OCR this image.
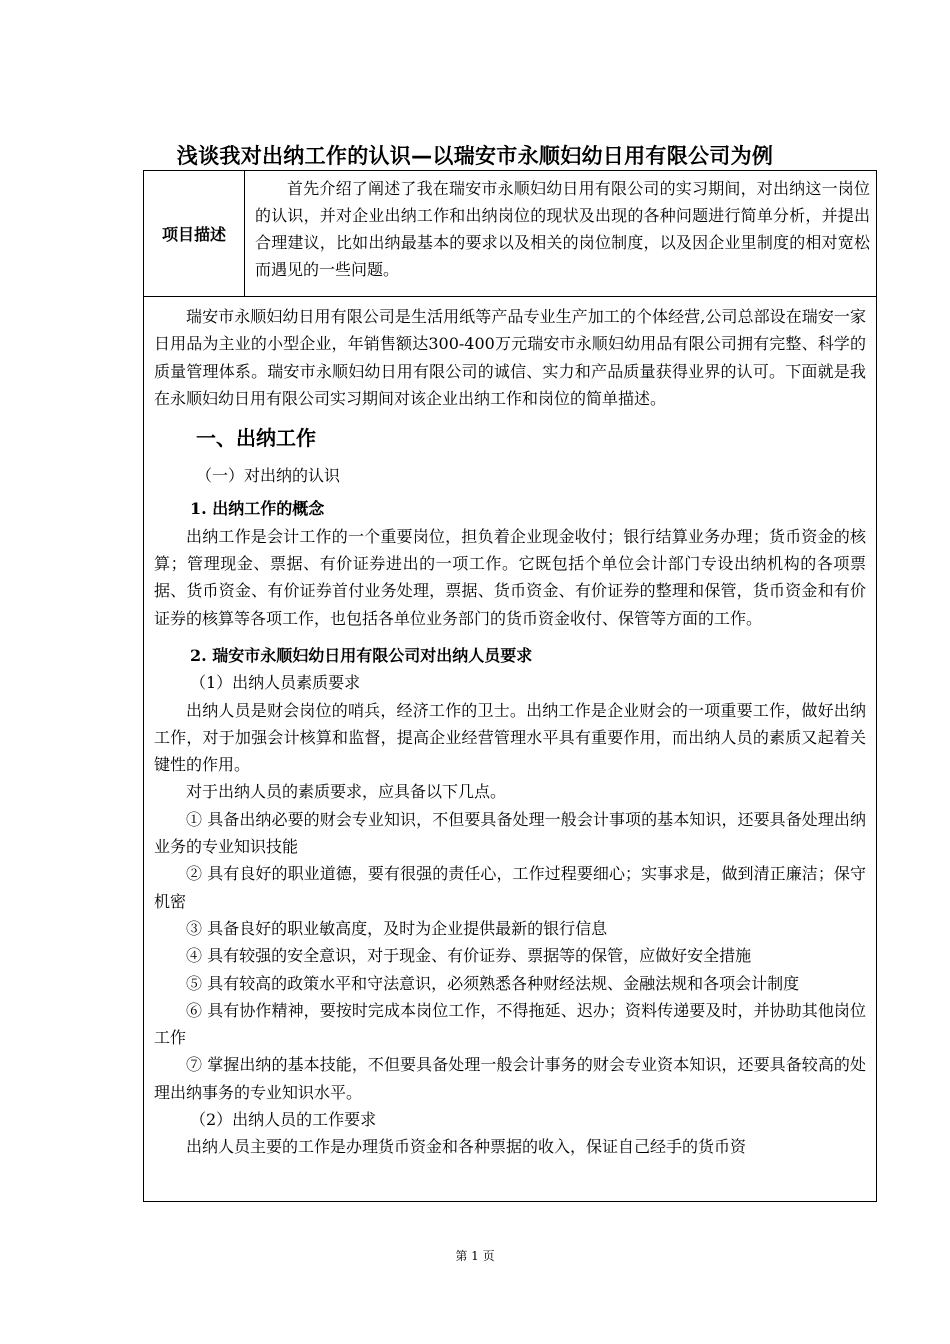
浅谈我对出纳工作的认识—以瑞安市永顺妇幼日用有限公司为例
项目描述

首先介绍了阐述了我在瑞安市永顺妇幼日用有限公司的实习期间，对出纳这一岗位的认识，并对企业出纳工作和出纳岗位的现状及出现的各种问题进行简单分析，并提出合理建议，比如出纳最基本的要求以及相关的岗位制度，以及因企业里制度的相对宽松而遇见的一些问题。

瑞安市永顺妇幼日用有限公司是生活用纸等产品专业生产加工的个体经营,公司总部设在瑞安一家日用品为主业的小型企业，年销售额达300-400万元瑞安市永顺妇幼用品有限公司拥有完整、科学的质量管理体系。瑞安市永顺妇幼日用有限公司的诚信、实力和产品质量获得业界的认可。下面就是我在永顺妇幼日用有限公司实习期间对该企业出纳工作和岗位的简单描述。

一、出纳工作

（一）对出纳的认识

1. 出纳工作的概念

出纳工作是会计工作的一个重要岗位，担负着企业现金收付；银行结算业务办理；货币资金的核算；管理现金、票据、有价证券进出的一项工作。它既包括个单位会计部门专设出纳机构的各项票据、货币资金、有价证券首付业务处理，票据、货币资金、有价证券的整理和保管，货币资金和有价证券的核算等各项工作，也包括各单位业务部门的货币资金收付、保管等方面的工作。

2. 瑞安市永顺妇幼日用有限公司对出纳人员要求

（1）出纳人员素质要求

出纳人员是财会岗位的哨兵，经济工作的卫士。出纳工作是企业财会的一项重要工作，做好出纳工作，对于加强会计核算和监督，提高企业经营管理水平具有重要作用，而出纳人员的素质又起着关键性的作用。

对于出纳人员的素质要求，应具备以下几点。

① 具备出纳必要的财会专业知识，不但要具备处理一般会计事项的基本知识，还要具备处理出纳业务的专业知识技能

② 具有良好的职业道德，要有很强的责任心，工作过程要细心；实事求是，做到清正廉洁；保守机密

③ 具备良好的职业敏高度，及时为企业提供最新的银行信息

④ 具有较强的安全意识，对于现金、有价证券、票据等的保管，应做好安全措施

⑤ 具有较高的政策水平和守法意识，必须熟悉各种财经法规、金融法规和各项会计制度

⑥ 具有协作精神，要按时完成本岗位工作，不得拖延、迟办；资料传递要及时，并协助其他岗位工作

⑦ 掌握出纳的基本技能，不但要具备处理一般会计事务的财会专业资本知识，还要具备较高的处理出纳事务的专业知识水平。

（2）出纳人员的工作要求

出纳人员主要的工作是办理货币资金和各种票据的收入，保证自己经手的货币资

第 1 页
